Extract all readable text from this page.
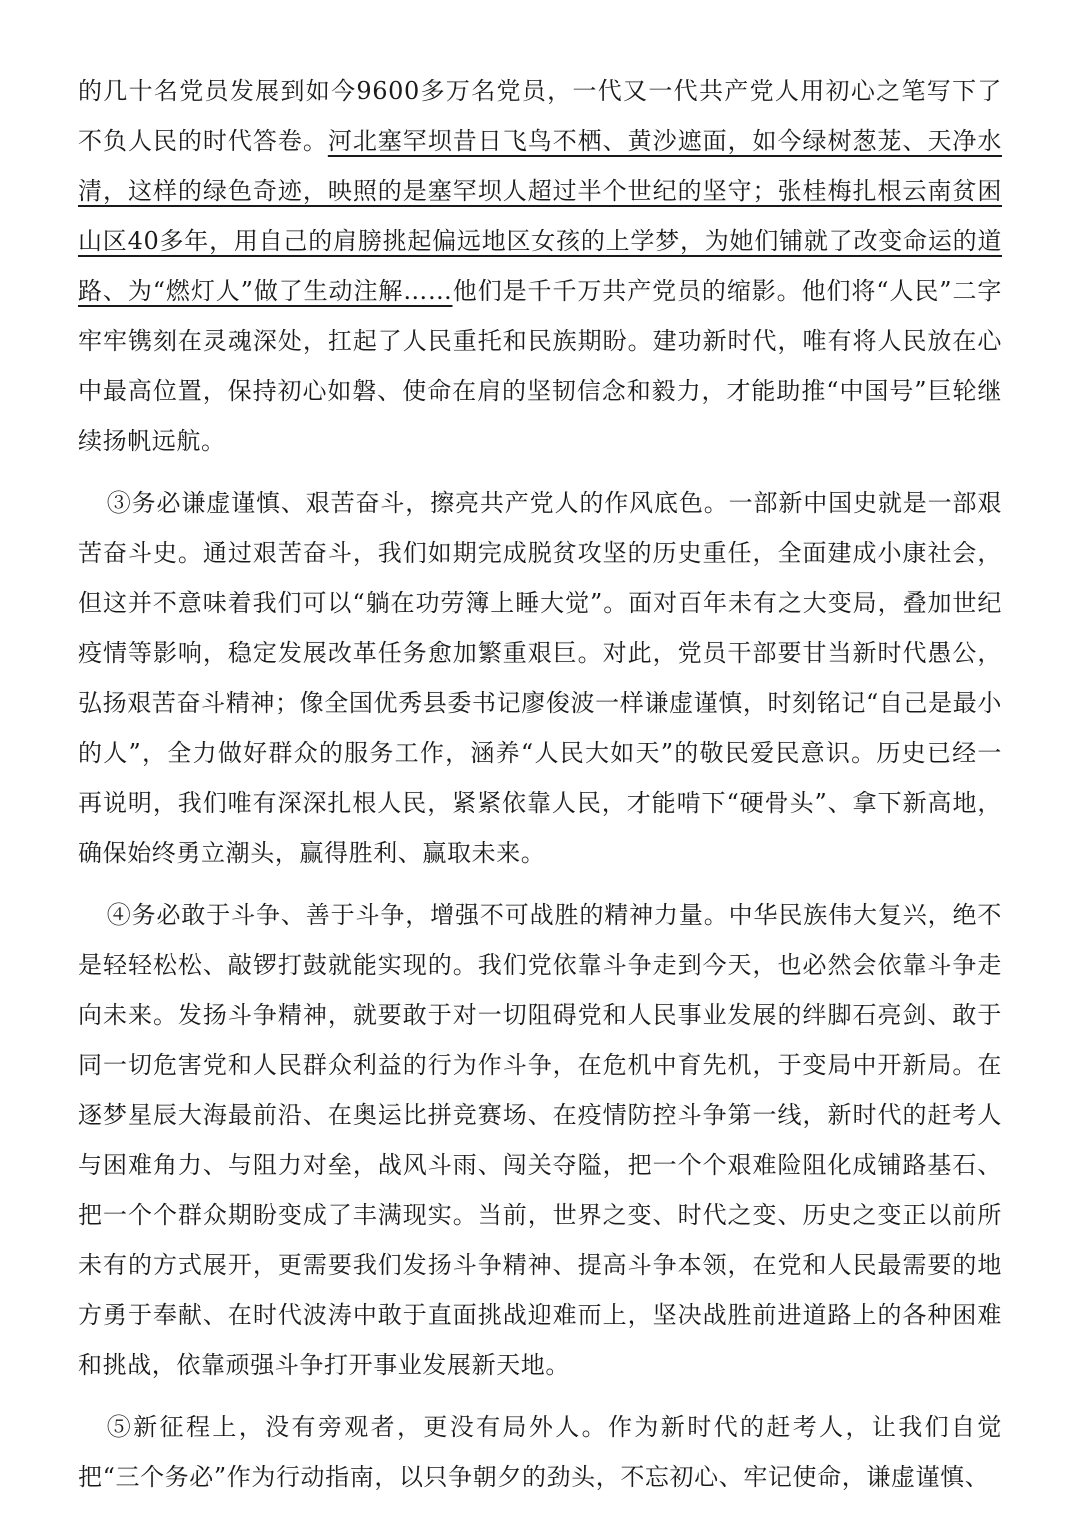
的几十名党员发展到如今9600多万名党员，一代又一代共产党人用初心之笔写下了不负人民的时代答卷。河北塞罕坝昔日飞鸟不栖、黄沙遮面，如今绿树葱茏、天净水清，这样的绿色奇迹，映照的是塞罕坝人超过半个世纪的坚守；张桂梅扎根云南贫困山区40多年，用自己的肩膀挑起偏远地区女孩的上学梦，为她们铺就了改变命运的道路、为“燃灯人”做了生动注解……他们是千千万共产党员的缩影。他们将“人民”二字牢牢镌刻在灵魂深处，扛起了人民重托和民族期盼。建功新时代，唯有将人民放在心中最高位置，保持初心如磐、使命在肩的坚韧信念和毅力，才能助推“中国号”巨轮继续扬帆远航。

③务必谦虚谨慎、艰苦奋斗，擦亮共产党人的作风底色。一部新中国史就是一部艰苦奋斗史。通过艰苦奋斗，我们如期完成脱贫攻坚的历史重任，全面建成小康社会，但这并不意味着我们可以“躺在功劳簿上睡大觉”。面对百年未有之大变局，叠加世纪疫情等影响，稳定发展改革任务愈加繁重艰巨。对此，党员干部要甘当新时代愚公，弘扬艰苦奋斗精神；像全国优秀县委书记廖俊波一样谦虚谨慎，时刻铭记“自己是最小的人”，全力做好群众的服务工作，涵养“人民大如天”的敬民爱民意识。历史已经一再说明，我们唯有深深扎根人民，紧紧依靠人民，才能啃下“硬骨头”、拿下新高地，确保始终勇立潮头，赢得胜利、赢取未来。

④务必敢于斗争、善于斗争，增强不可战胜的精神力量。中华民族伟大复兴，绝不是轻轻松松、敲锣打鼓就能实现的。我们党依靠斗争走到今天，也必然会依靠斗争走向未来。发扬斗争精神，就要敢于对一切阻碍党和人民事业发展的绊脚石亮剑、敢于同一切危害党和人民群众利益的行为作斗争，在危机中育先机，于变局中开新局。在逐梦星辰大海最前沿、在奥运比拼竞赛场、在疫情防控斗争第一线，新时代的赶考人与困难角力、与阻力对垒，战风斗雨、闯关夺隘，把一个个艰难险阻化成铺路基石、把一个个群众期盼变成了丰满现实。当前，世界之变、时代之变、历史之变正以前所未有的方式展开，更需要我们发扬斗争精神、提高斗争本领，在党和人民最需要的地方勇于奉献、在时代波涛中敢于直面挑战迎难而上，坚决战胜前进道路上的各种困难和挑战，依靠顽强斗争打开事业发展新天地。

⑤新征程上，没有旁观者，更没有局外人。作为新时代的赶考人，让我们自觉把“三个务必”作为行动指南，以只争朝夕的劲头，不忘初心、牢记使命，谦虚谨慎、
